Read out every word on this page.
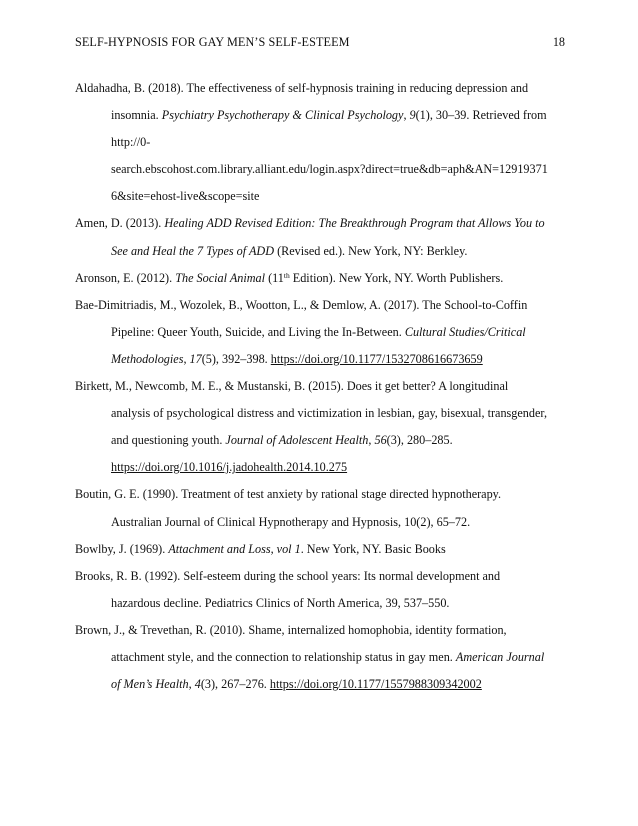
SELF-HYPNOSIS FOR GAY MEN’S SELF-ESTEEM	18
Aldahadha, B. (2018). The effectiveness of self-hypnosis training in reducing depression and
insomnia. Psychiatry Psychotherapy & Clinical Psychology, 9(1), 30–39. Retrieved from
http://0-
search.ebscohost.com.library.alliant.edu/login.aspx?direct=true&db=aph&AN=12919371
6&site=ehost-live&scope=site
Amen, D. (2013). Healing ADD Revised Edition: The Breakthrough Program that Allows You to
See and Heal the 7 Types of ADD (Revised ed.). New York, NY: Berkley.
Aronson, E. (2012). The Social Animal (11th Edition). New York, NY. Worth Publishers.
Bae-Dimitriadis, M., Wozolek, B., Wootton, L., & Demlow, A. (2017). The School-to-Coffin
Pipeline: Queer Youth, Suicide, and Living the In-Between. Cultural Studies/Critical
Methodologies, 17(5), 392–398. https://doi.org/10.1177/1532708616673659
Birkett, M., Newcomb, M. E., & Mustanski, B. (2015). Does it get better? A longitudinal
analysis of psychological distress and victimization in lesbian, gay, bisexual, transgender,
and questioning youth. Journal of Adolescent Health, 56(3), 280–285.
https://doi.org/10.1016/j.jadohealth.2014.10.275
Boutin, G. E. (1990). Treatment of test anxiety by rational stage directed hypnotherapy.
Australian Journal of Clinical Hypnotherapy and Hypnosis, 10(2), 65–72.
Bowlby, J. (1969). Attachment and Loss, vol 1. New York, NY. Basic Books
Brooks, R. B. (1992). Self-esteem during the school years: Its normal development and
hazardous decline. Pediatrics Clinics of North America, 39, 537–550.
Brown, J., & Trevethan, R. (2010). Shame, internalized homophobia, identity formation,
attachment style, and the connection to relationship status in gay men. American Journal
of Men’s Health, 4(3), 267–276. https://doi.org/10.1177/1557988309342002
